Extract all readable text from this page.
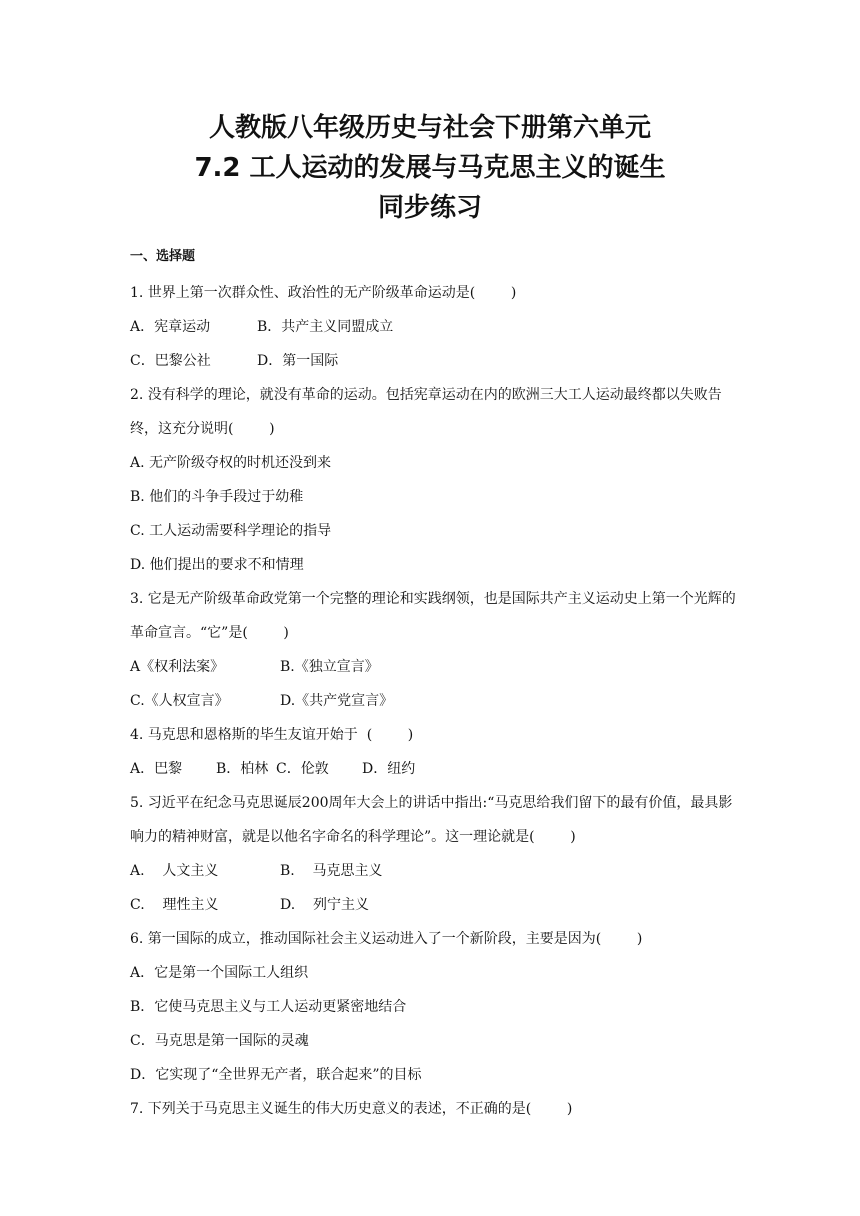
人教版八年级历史与社会下册第六单元
7.2 工人运动的发展与马克思主义的诞生
同步练习
一、选择题
1. 世界上第一次群众性、政治性的无产阶级革命运动是(        )
A．宪章运动	B．共产主义同盟成立
C．巴黎公社	D．第一国际
2. 没有科学的理论，就没有革命的运动。包括宪章运动在内的欧洲三大工人运动最终都以失败告终，这充分说明(        )
A. 无产阶级夺权的时机还没到来
B. 他们的斗争手段过于幼稚
C. 工人运动需要科学理论的指导
D. 他们提出的要求不和情理
3. 它是无产阶级革命政党第一个完整的理论和实践纲领，也是国际共产主义运动史上第一个光辉的革命宣言。“它”是(        )
A《权利法案》	B.《独立宣言》
C.《人权宣言》	D.《共产党宣言》
4. 马克思和恩格斯的毕生友谊开始于  (        )
A．巴黎	B．柏林 C．伦敦	D．纽约
5. 习近平在纪念马克思诞辰200周年大会上的讲话中指出:“马克思给我们留下的最有价值，最具影响力的精神财富，就是以他名字命名的科学理论”。这一理论就是(        )
A.    人文主义	B.    马克思主义
C.    理性主义	D.    列宁主义
6. 第一国际的成立，推动国际社会主义运动进入了一个新阶段，主要是因为(        )
A．它是第一个国际工人组织
B．它使马克思主义与工人运动更紧密地结合
C．马克思是第一国际的灵魂
D．它实现了“全世界无产者，联合起来”的目标
7. 下列关于马克思主义诞生的伟大历史意义的表述，不正确的是(        )
